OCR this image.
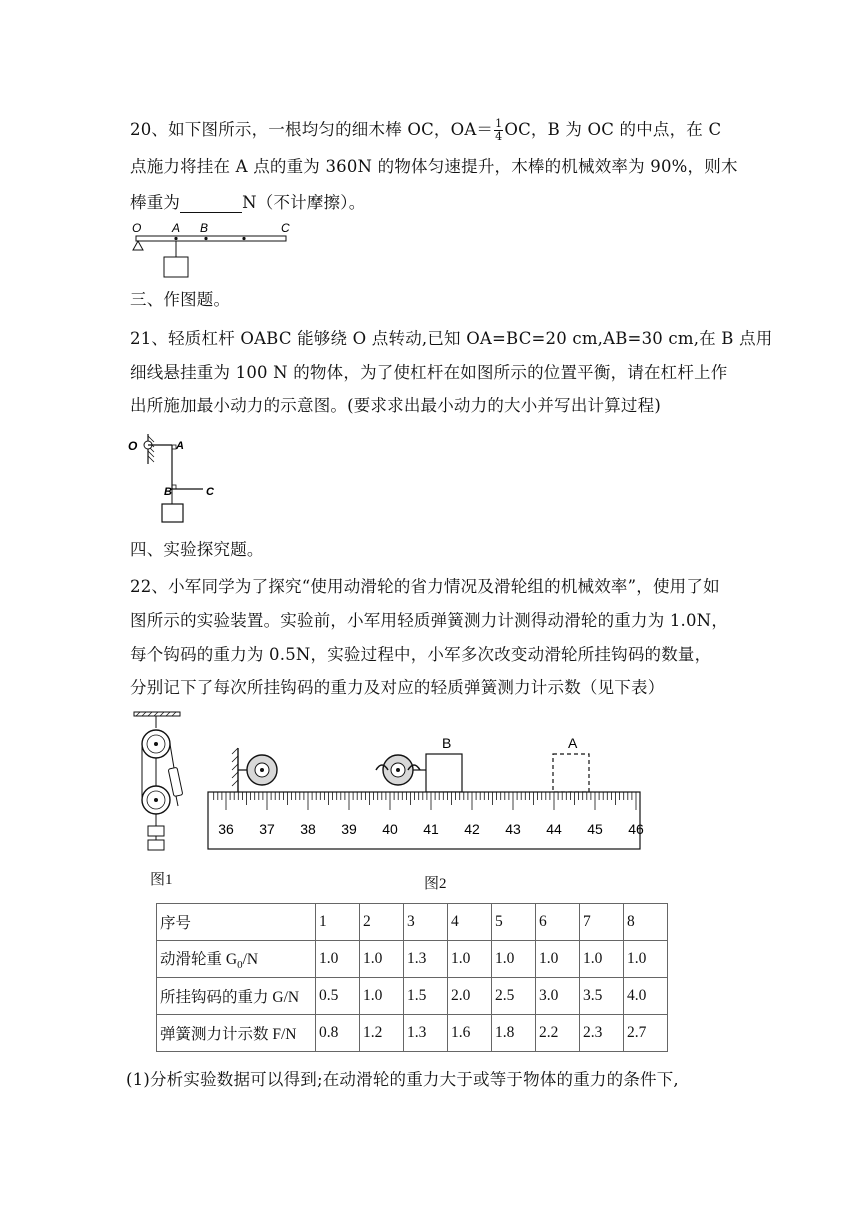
20、如下图所示，一根均匀的细木棒 OC，$OA= \frac{1}{4}$ OC，B 为 OC 的中点，在 C
点施力将挂在 A 点的重为 360N 的物体匀速提升，木棒的机械效率为 90%，则木
棒重为	N（不计摩擦）。
O	A B	C
三、作图题。
21、轻质杠杆 OABC 能够绕 O 点转动,已知 OA=BC=20 cm,AB=30 cm,在 B 点用
细线悬挂重为 100 N 的物体，为了使杠杆在如图所示的位置平衡，请在杠杆上作
出所施加最小动力的示意图。(要求求出最小动力的大小并写出计算过程)
O	A
B	C
四、实验探究题。
22、小军同学为了探究“使用动滑轮的省力情况及滑轮组的机械效率”，使用了如
图所示的实验装置。实验前，小军用轻质弹簧测力计测得动滑轮的重力为 1.0N，
每个钩码的重力为 0.5N，实验过程中，小军多次改变动滑轮所挂钩码的数量，
分别记下了每次所挂钩码的重力及对应的轻质弹簧测力计示数（见下表）
B	A
36 37 38 39 40 41 42 43 44 45 46
图1	图2
序号	1	2	3	4	5	6	7	8
动滑轮重 $G_0/N$	1.0	1.0	1.3	1.0	1.0	1.0	1.0	1.0
所挂钩码的重力 G/N	0.5	1.0	1.5	2.0	2.5	3.0	3.5	4.0
弹簧测力计示数 F/N	0.8	1.2	1.3	1.6	1.8	2.2	2.3	2.7
(1)分析实验数据可以得到;在动滑轮的重力大于或等于物体的重力的条件下,
